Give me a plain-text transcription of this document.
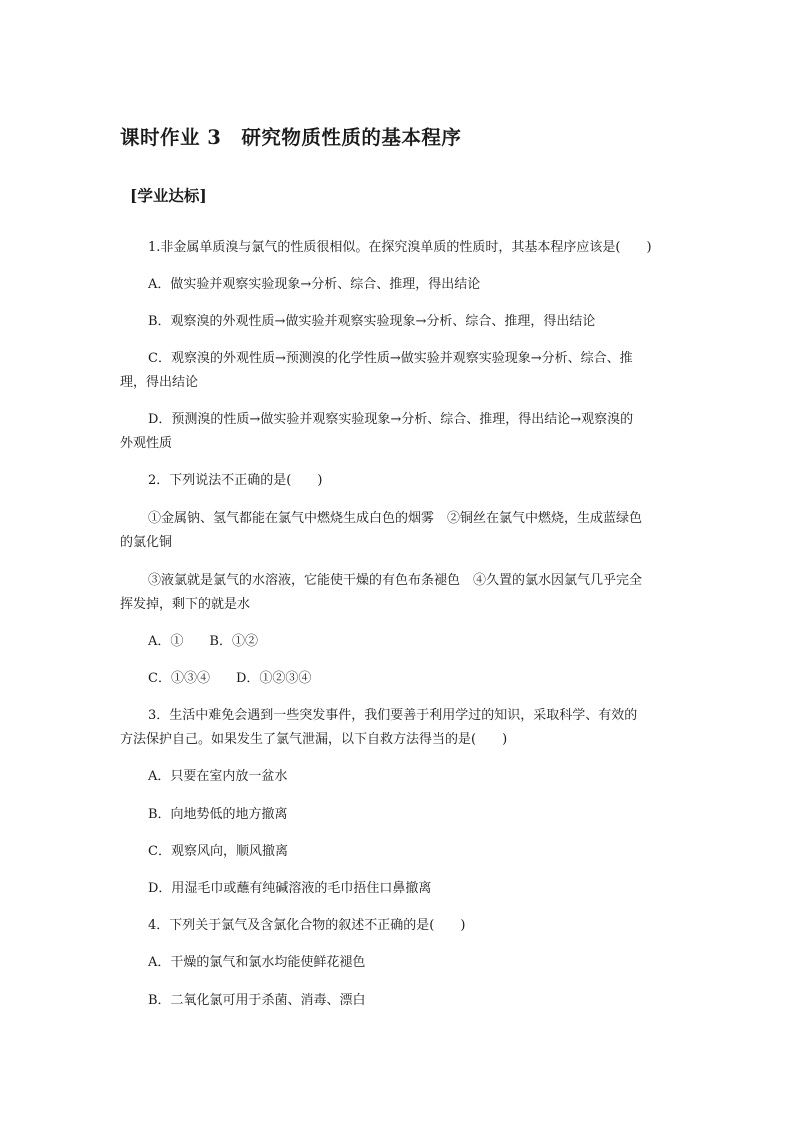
课时作业 3　研究物质性质的基本程序
[学业达标]

1.非金属单质溴与氯气的性质很相似。在探究溴单质的性质时，其基本程序应该是(　　)

A．做实验并观察实验现象→分析、综合、推理，得出结论

B．观察溴的外观性质→做实验并观察实验现象→分析、综合、推理，得出结论

C．观察溴的外观性质→预测溴的化学性质→做实验并观察实验现象→分析、综合、推

理，得出结论

D．预测溴的性质→做实验并观察实验现象→分析、综合、推理，得出结论→观察溴的

外观性质

2．下列说法不正确的是(　　)

①金属钠、氢气都能在氯气中燃烧生成白色的烟雾　②铜丝在氯气中燃烧，生成蓝绿色

的氯化铜

③液氯就是氯气的水溶液，它能使干燥的有色布条褪色　④久置的氯水因氯气几乎完全

挥发掉，剩下的就是水

A．①　　B．①②

C．①③④　　D．①②③④

3．生活中难免会遇到一些突发事件，我们要善于利用学过的知识，采取科学、有效的

方法保护自己。如果发生了氯气泄漏，以下自救方法得当的是(　　)

A．只要在室内放一盆水

B．向地势低的地方撤离

C．观察风向，顺风撤离

D．用湿毛巾或蘸有纯碱溶液的毛巾捂住口鼻撤离

4．下列关于氯气及含氯化合物的叙述不正确的是(　　)

A．干燥的氯气和氯水均能使鲜花褪色

B．二氧化氯可用于杀菌、消毒、漂白
